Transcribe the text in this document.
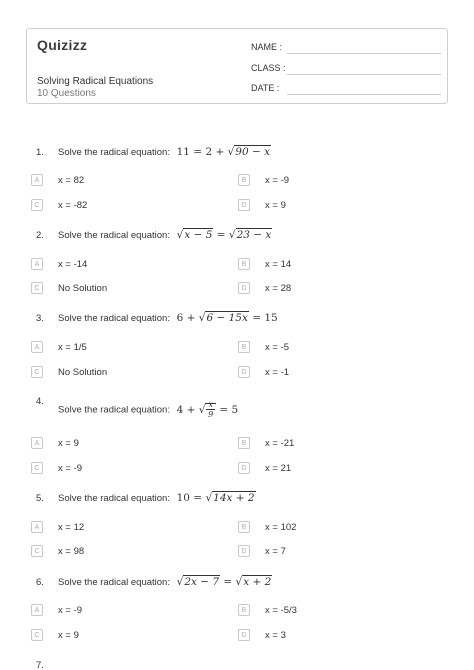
Quizizz
Solving Radical Equations
10 Questions
NAME :
CLASS :
DATE :
1. Solve the radical equation: 11 = 2 + √90 − x
A	x = 82	B	x = -9
C	x = -82	D	x = 9
2. Solve the radical equation: √x − 5 = √23 − x
A	x = -14	B	x = 14
C	No Solution	D	x = 28
3. Solve the radical equation: 6 + √6 − 15x = 15
A	x = 1/5	B	x = -5
C	No Solution	D	x = -1
4.
Solve the radical equation: 4 + √ $\frac{x}{9} = 5$
A	x = 9	B	x = -21
C	x = -9	D	x = 21
5. Solve the radical equation: 10 = √14x + 2
A	x = 12	B	x = 102
C	x = 98	D	x = 7
6. Solve the radical equation: √2x − 7 = √x + 2
A	x = -9	B	x = -5/3
C	x = 9	D	x = 3
7.
